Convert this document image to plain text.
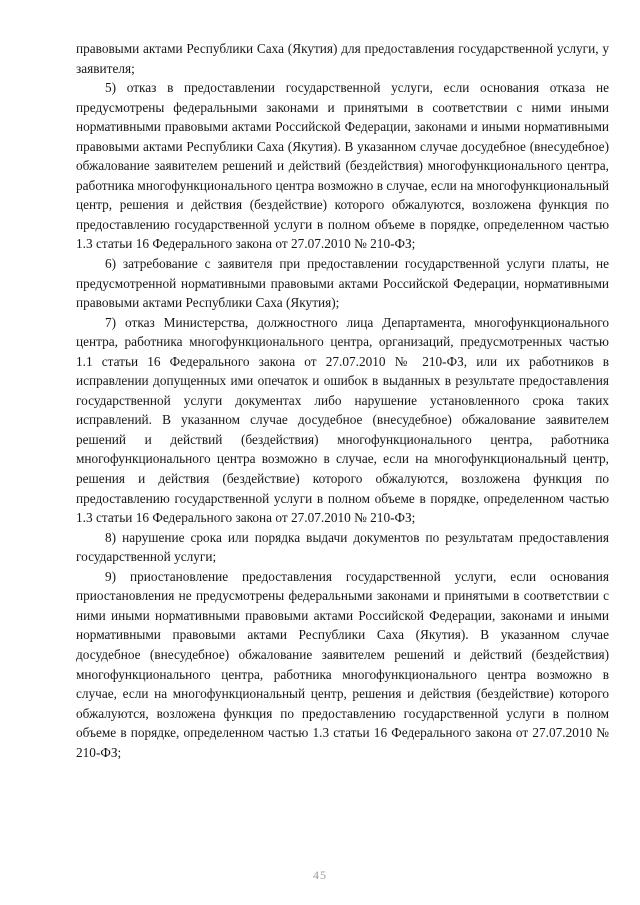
правовыми актами Республики Саха (Якутия) для предоставления государственной услуги, у заявителя;

5) отказ в предоставлении государственной услуги, если основания отказа не предусмотрены федеральными законами и принятыми в соответствии с ними иными нормативными правовыми актами Российской Федерации, законами и иными нормативными правовыми актами Республики Саха (Якутия). В указанном случае досудебное (внесудебное) обжалование заявителем решений и действий (бездействия) многофункционального центра, работника многофункционального центра возможно в случае, если на многофункциональный центр, решения и действия (бездействие) которого обжалуются, возложена функция по предоставлению государственной услуги в полном объеме в порядке, определенном частью 1.3 статьи 16 Федерального закона от 27.07.2010 № 210-ФЗ;

6) затребование с заявителя при предоставлении государственной услуги платы, не предусмотренной нормативными правовыми актами Российской Федерации, нормативными правовыми актами Республики Саха (Якутия);

7) отказ Министерства, должностного лица Департамента, многофункционального центра, работника многофункционального центра, организаций, предусмотренных частью 1.1 статьи 16 Федерального закона от 27.07.2010 № 210-ФЗ, или их работников в исправлении допущенных ими опечаток и ошибок в выданных в результате предоставления государственной услуги документах либо нарушение установленного срока таких исправлений. В указанном случае досудебное (внесудебное) обжалование заявителем решений и действий (бездействия) многофункционального центра, работника многофункционального центра возможно в случае, если на многофункциональный центр, решения и действия (бездействие) которого обжалуются, возложена функция по предоставлению государственной услуги в полном объеме в порядке, определенном частью 1.3 статьи 16 Федерального закона от 27.07.2010 № 210-ФЗ;

8) нарушение срока или порядка выдачи документов по результатам предоставления государственной услуги;

9) приостановление предоставления государственной услуги, если основания приостановления не предусмотрены федеральными законами и принятыми в соответствии с ними иными нормативными правовыми актами Российской Федерации, законами и иными нормативными правовыми актами Республики Саха (Якутия). В указанном случае досудебное (внесудебное) обжалование заявителем решений и действий (бездействия) многофункционального центра, работника многофункционального центра возможно в случае, если на многофункциональный центр, решения и действия (бездействие) которого обжалуются, возложена функция по предоставлению государственной услуги в полном объеме в порядке, определенном частью 1.3 статьи 16 Федерального закона от 27.07.2010 № 210-ФЗ;

45
